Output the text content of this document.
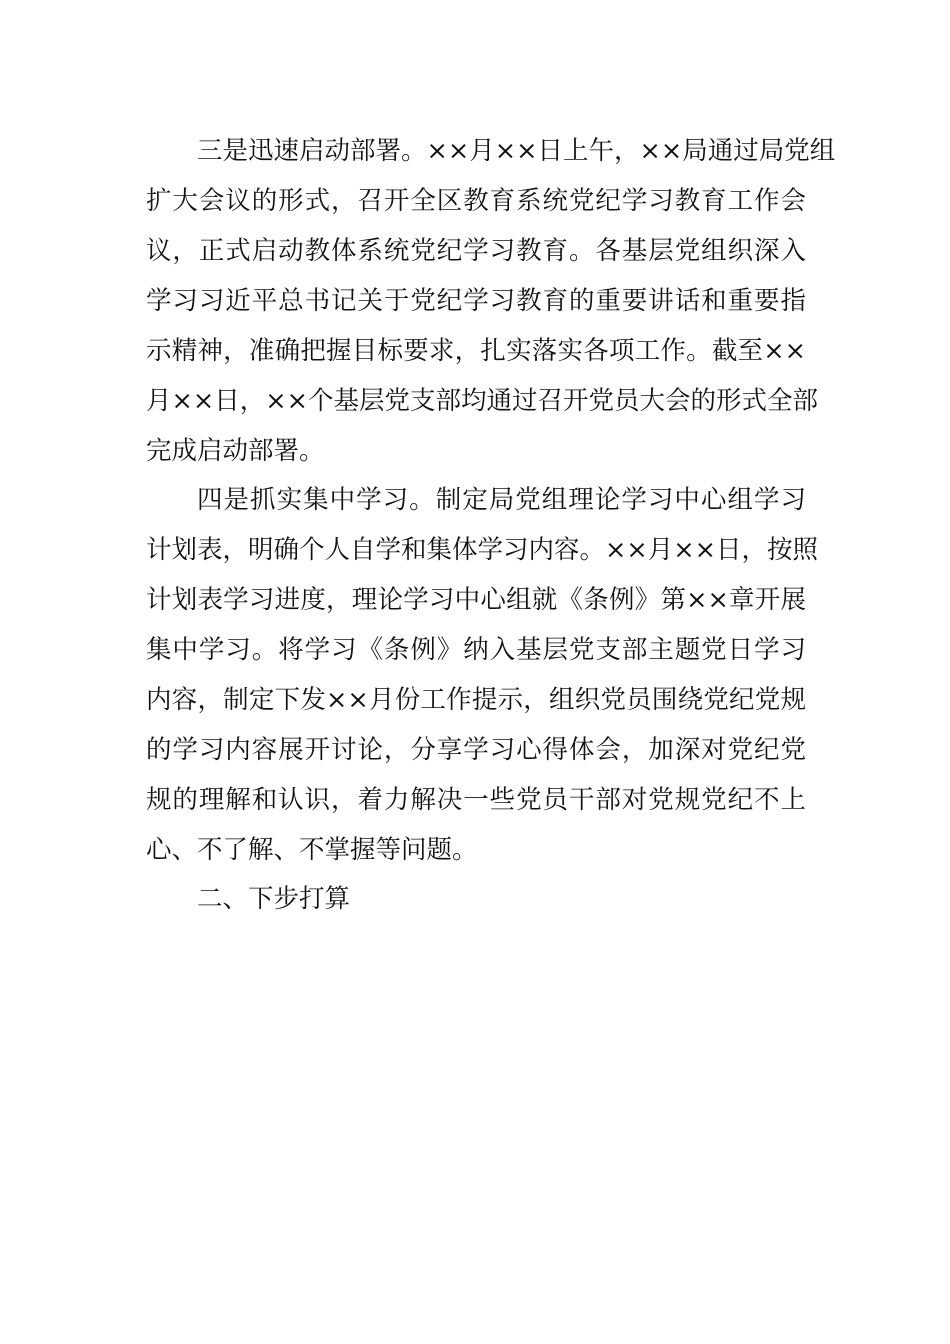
三是迅速启动部署。××月××日上午，××局通过局党组
扩大会议的形式，召开全区教育系统党纪学习教育工作会
议，正式启动教体系统党纪学习教育。各基层党组织深入
学习习近平总书记关于党纪学习教育的重要讲话和重要指
示精神，准确把握目标要求，扎实落实各项工作。截至××
月××日，××个基层党支部均通过召开党员大会的形式全部
完成启动部署。
四是抓实集中学习。制定局党组理论学习中心组学习
计划表，明确个人自学和集体学习内容。××月××日，按照
计划表学习进度，理论学习中心组就《条例》第××章开展
集中学习。将学习《条例》纳入基层党支部主题党日学习
内容，制定下发××月份工作提示，组织党员围绕党纪党规
的学习内容展开讨论，分享学习心得体会，加深对党纪党
规的理解和认识，着力解决一些党员干部对党规党纪不上
心、不了解、不掌握等问题。
二、下步打算
